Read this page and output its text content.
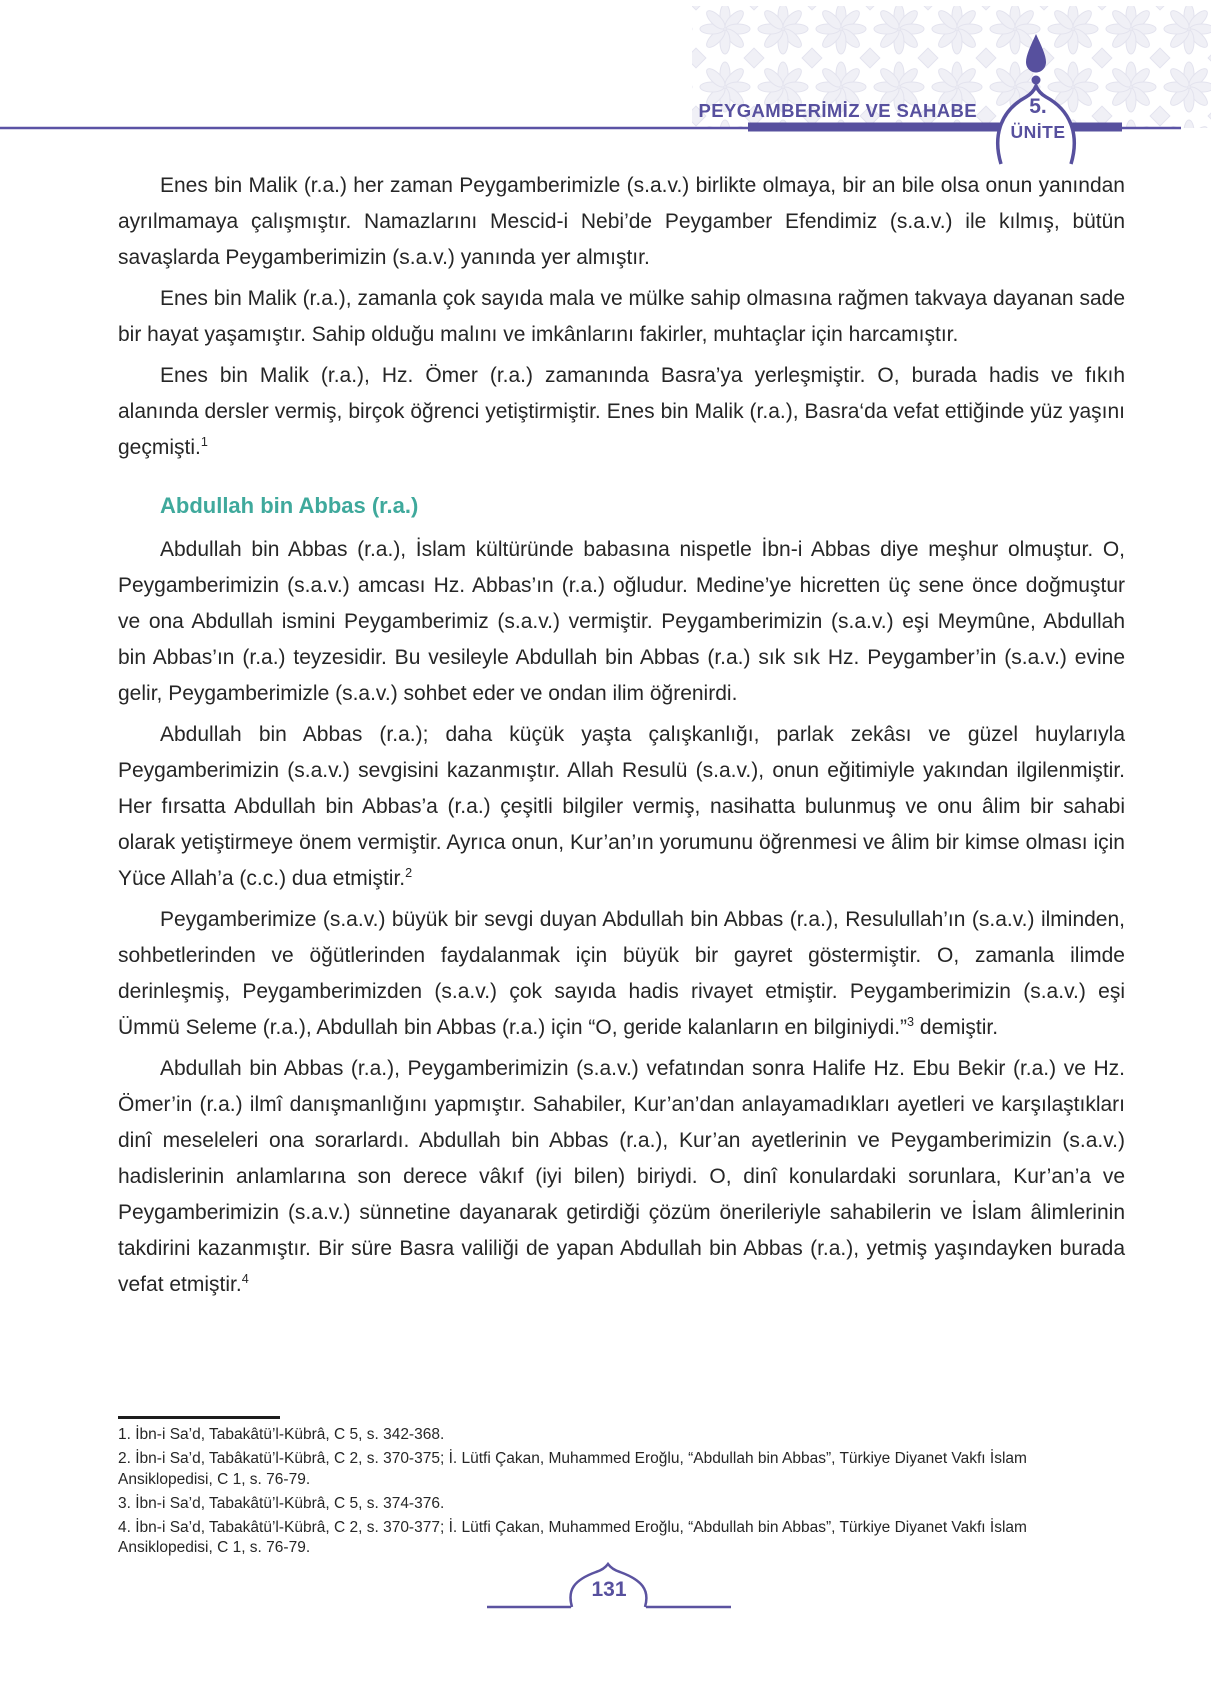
PEYGAMBERİMİZ VE SAHABE	5.
ÜNİTE

Enes bin Malik (r.a.) her zaman Peygamberimizle (s.a.v.) birlikte olmaya, bir an bile olsa onun yanından ayrılmamaya çalışmıştır. Namazlarını Mescid-i Nebi’de Peygamber Efendimiz (s.a.v.) ile kılmış, bütün savaşlarda Peygamberimizin (s.a.v.) yanında yer almıştır.

Enes bin Malik (r.a.), zamanla çok sayıda mala ve mülke sahip olmasına rağmen takvaya dayanan sade bir hayat yaşamıştır. Sahip olduğu malını ve imkânlarını fakirler, muhtaçlar için harcamıştır.

Enes bin Malik (r.a.), Hz. Ömer (r.a.) zamanında Basra’ya yerleşmiştir. O, burada hadis ve fıkıh alanında dersler vermiş, birçok öğrenci yetiştirmiştir. Enes bin Malik (r.a.), Basra‘da vefat ettiğinde yüz yaşını geçmişti.$^1$

Abdullah bin Abbas (r.a.)

Abdullah bin Abbas (r.a.), İslam kültüründe babasına nispetle İbn-i Abbas diye meşhur olmuştur. O, Peygamberimizin (s.a.v.) amcası Hz. Abbas’ın (r.a.) oğludur. Medine’ye hicretten üç sene önce doğmuştur ve ona Abdullah ismini Peygamberimiz (s.a.v.) vermiştir. Peygamberimizin (s.a.v.) eşi Meymûne, Abdullah bin Abbas’ın (r.a.) teyzesidir. Bu vesileyle Abdullah bin Abbas (r.a.) sık sık Hz. Peygamber’in (s.a.v.) evine gelir, Peygamberimizle (s.a.v.) sohbet eder ve ondan ilim öğrenirdi.

Abdullah bin Abbas (r.a.); daha küçük yaşta çalışkanlığı, parlak zekâsı ve güzel huylarıyla Peygamberimizin (s.a.v.) sevgisini kazanmıştır. Allah Resulü (s.a.v.), onun eğitimiyle yakından ilgilenmiştir. Her fırsatta Abdullah bin Abbas’a (r.a.) çeşitli bilgiler vermiş, nasihatta bulunmuş ve onu âlim bir sahabi olarak yetiştirmeye önem vermiştir. Ayrıca onun, Kur’an’ın yorumunu öğrenmesi ve âlim bir kimse olması için Yüce Allah’a (c.c.) dua etmiştir.$^2$

Peygamberimize (s.a.v.) büyük bir sevgi duyan Abdullah bin Abbas (r.a.), Resulullah’ın (s.a.v.) ilminden, sohbetlerinden ve öğütlerinden faydalanmak için büyük bir gayret göstermiştir. O, zamanla ilimde derinleşmiş, Peygamberimizden (s.a.v.) çok sayıda hadis rivayet etmiştir. Peygamberimizin (s.a.v.) eşi Ümmü Seleme (r.a.), Abdullah bin Abbas (r.a.) için “O, geride kalanların en bilginiydi.”$^3$ demiştir.

Abdullah bin Abbas (r.a.), Peygamberimizin (s.a.v.) vefatından sonra Halife Hz. Ebu Bekir (r.a.) ve Hz. Ömer’in (r.a.) ilmî danışmanlığını yapmıştır. Sahabiler, Kur’an’dan anlayamadıkları ayetleri ve karşılaştıkları dinî meseleleri ona sorarlardı. Abdullah bin Abbas (r.a.), Kur’an ayetlerinin ve Peygamberimizin (s.a.v.) hadislerinin anlamlarına son derece vâkıf (iyi bilen) biriydi. O, dinî konulardaki sorunlara, Kur’an’a ve Peygamberimizin (s.a.v.) sünnetine dayanarak getirdiği çözüm önerileriyle sahabilerin ve İslam âlimlerinin takdirini kazanmıştır. Bir süre Basra valiliği de yapan Abdullah bin Abbas (r.a.), yetmiş yaşındayken burada vefat etmiştir.$^4$

1. İbn-i Sa’d, Tabakâtü’l-Kübrâ, C 5, s. 342-368.
2. İbn-i Sa’d, Tabâkatü’l-Kübrâ, C 2, s. 370-375; İ. Lütfi Çakan, Muhammed Eroğlu, “Abdullah bin Abbas”, Türkiye Diyanet Vakfı İslam Ansiklopedisi, C 1, s. 76-79.
3. İbn-i Sa’d, Tabakâtü’l-Kübrâ, C 5, s. 374-376.
4. İbn-i Sa’d, Tabakâtü’l-Kübrâ, C 2, s. 370-377; İ. Lütfi Çakan, Muhammed Eroğlu, “Abdullah bin Abbas”, Türkiye Diyanet Vakfı İslam Ansiklopedisi, C 1, s. 76-79.
131
